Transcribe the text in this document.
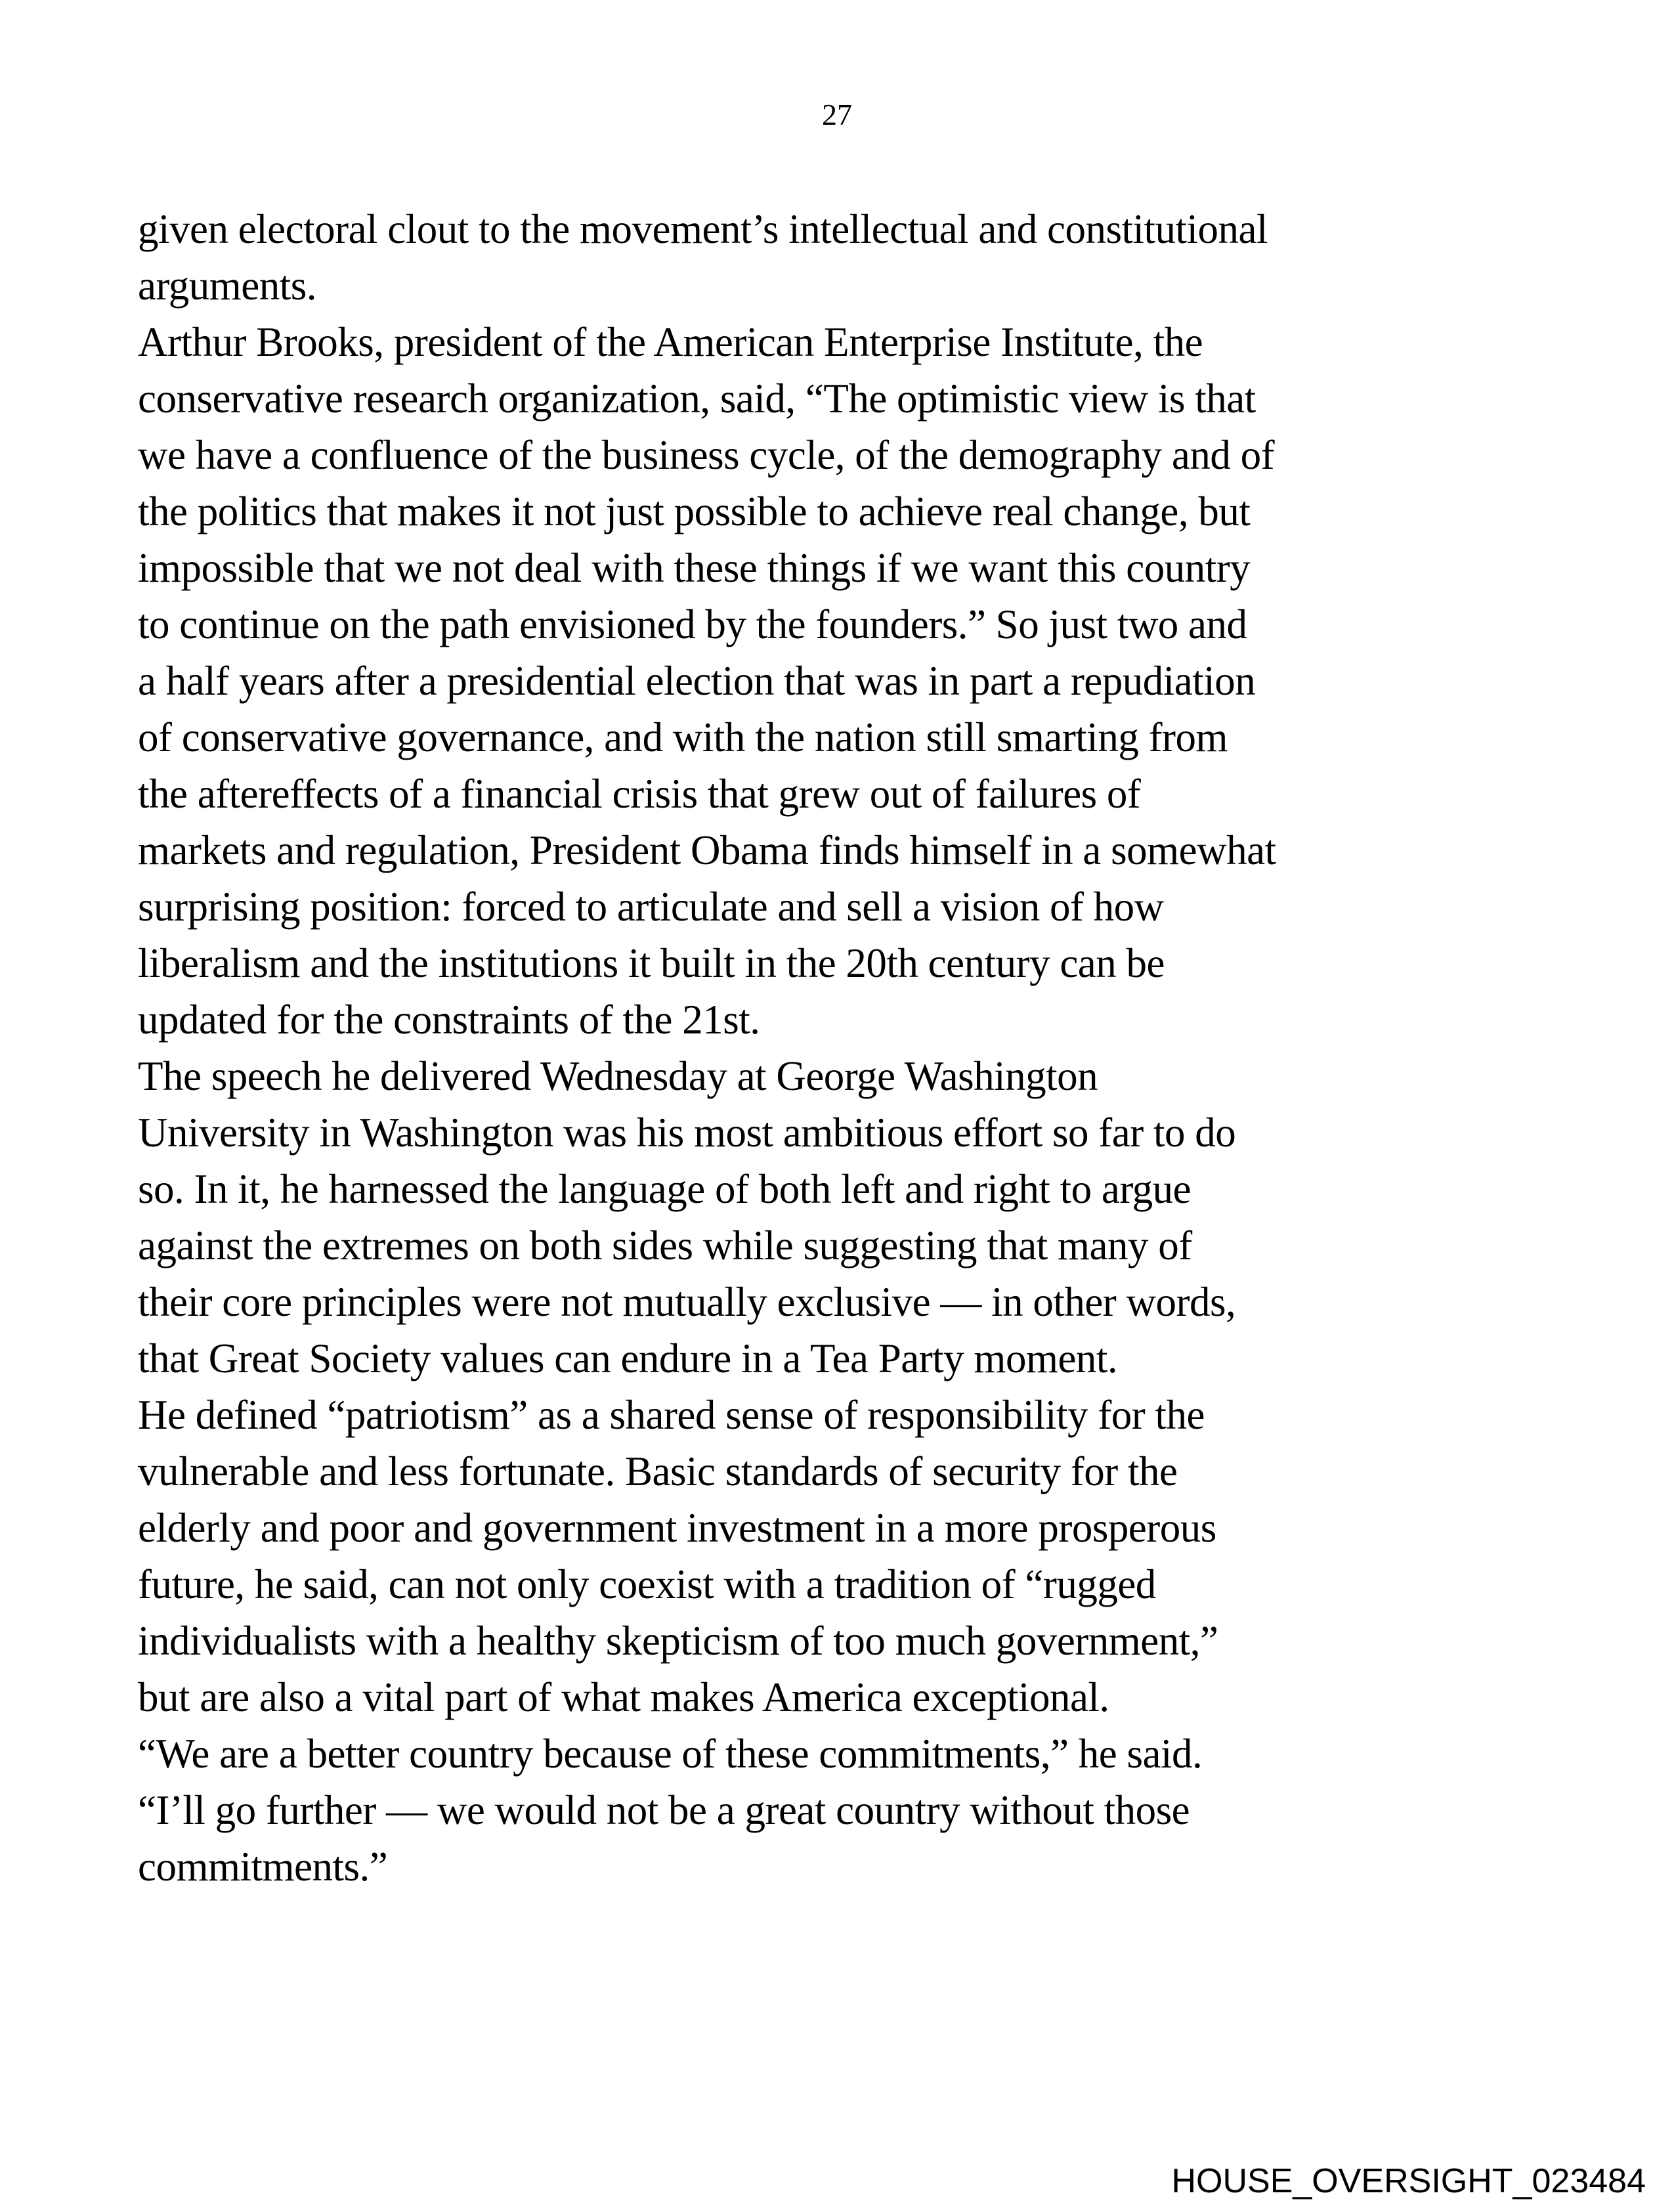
27
given electoral clout to the movement’s intellectual and constitutional
arguments.
Arthur Brooks, president of the American Enterprise Institute, the
conservative research organization, said, “The optimistic view is that
we have a confluence of the business cycle, of the demography and of
the politics that makes it not just possible to achieve real change, but
impossible that we not deal with these things if we want this country
to continue on the path envisioned by the founders.” So just two and
a half years after a presidential election that was in part a repudiation
of conservative governance, and with the nation still smarting from
the aftereffects of a financial crisis that grew out of failures of
markets and regulation, President Obama finds himself in a somewhat
surprising position: forced to articulate and sell a vision of how
liberalism and the institutions it built in the 20th century can be
updated for the constraints of the 21st.
The speech he delivered Wednesday at George Washington
University in Washington was his most ambitious effort so far to do
so. In it, he harnessed the language of both left and right to argue
against the extremes on both sides while suggesting that many of
their core principles were not mutually exclusive — in other words,
that Great Society values can endure in a Tea Party moment.
He defined “patriotism” as a shared sense of responsibility for the
vulnerable and less fortunate. Basic standards of security for the
elderly and poor and government investment in a more prosperous
future, he said, can not only coexist with a tradition of “rugged
individualists with a healthy skepticism of too much government,”
but are also a vital part of what makes America exceptional.
“We are a better country because of these commitments,” he said.
“I’ll go further — we would not be a great country without those
commitments.”
HOUSE_OVERSIGHT_023484
